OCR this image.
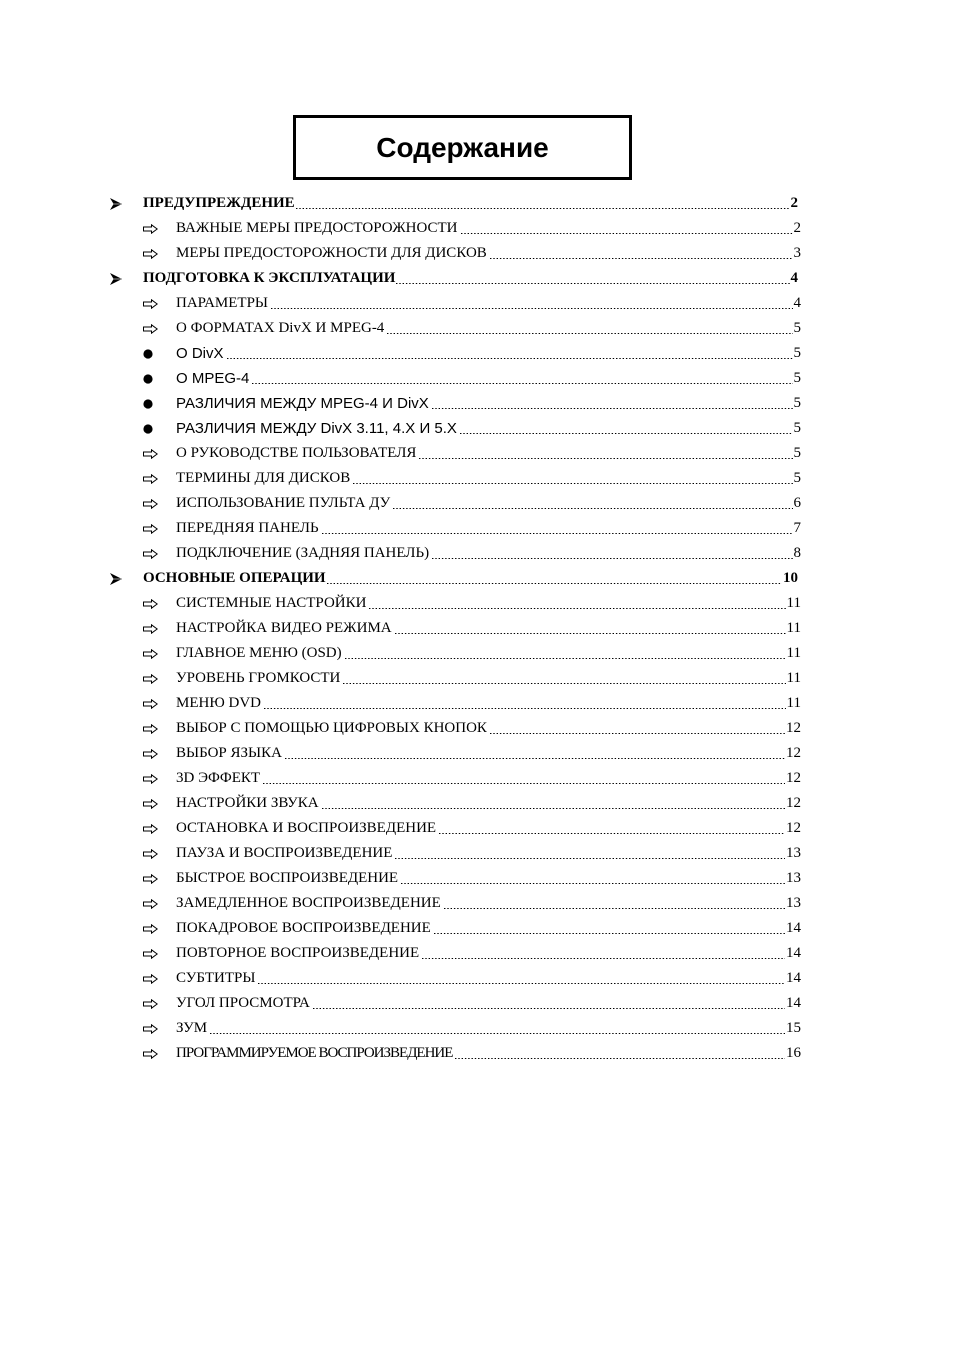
Содержание
ПРЕДУПРЕЖДЕНИЕ	2
ВАЖНЫЕ МЕРЫ ПРЕДОСТОРОЖНОСТИ	2
МЕРЫ ПРЕДОСТОРОЖНОСТИ ДЛЯ ДИСКОВ	3
ПОДГОТОВКА К ЭКСПЛУАТАЦИИ	4
ПАРАМЕТРЫ	4
О ФОРМАТАХ DivX И MPEG-4	5
О DivX	5
О MPEG-4	5
РАЗЛИЧИЯ МЕЖДУ MPEG-4 И DivX	5
РАЗЛИЧИЯ МЕЖДУ DivX 3.11, 4.X И 5.X	5
О РУКОВОДСТВЕ ПОЛЬЗОВАТЕЛЯ	5
ТЕРМИНЫ ДЛЯ ДИСКОВ	5
ИСПОЛЬЗОВАНИЕ ПУЛЬТА ДУ	6
ПЕРЕДНЯЯ ПАНЕЛЬ	7
ПОДКЛЮЧЕНИЕ (ЗАДНЯЯ ПАНЕЛЬ)	8
ОСНОВНЫЕ ОПЕРАЦИИ	10
СИСТЕМНЫЕ НАСТРОЙКИ	11
НАСТРОЙКА ВИДЕО РЕЖИМА	11
ГЛАВНОЕ МЕНЮ (OSD)	11
УРОВЕНЬ ГРОМКОСТИ	11
МЕНЮ DVD	11
ВЫБОР С ПОМОЩЬЮ ЦИФРОВЫХ КНОПОК	12
ВЫБОР ЯЗЫКА	12
3D ЭФФЕКТ	12
НАСТРОЙКИ ЗВУКА	12
ОСТАНОВКА И ВОСПРОИЗВЕДЕНИЕ	12
ПАУЗА И ВОСПРОИЗВЕДЕНИЕ	13
БЫСТРОЕ ВОСПРОИЗВЕДЕНИЕ	13
ЗАМЕДЛЕННОЕ ВОСПРОИЗВЕДЕНИЕ	13
ПОКАДРОВОЕ ВОСПРОИЗВЕДЕНИЕ	14
ПОВТОРНОЕ ВОСПРОИЗВЕДЕНИЕ	14
СУБТИТРЫ	14
УГОЛ ПРОСМОТРА	14
ЗУМ	15
ПРОГРАММИРУЕМОЕ ВОСПРОИЗВЕДЕНИЕ	16
